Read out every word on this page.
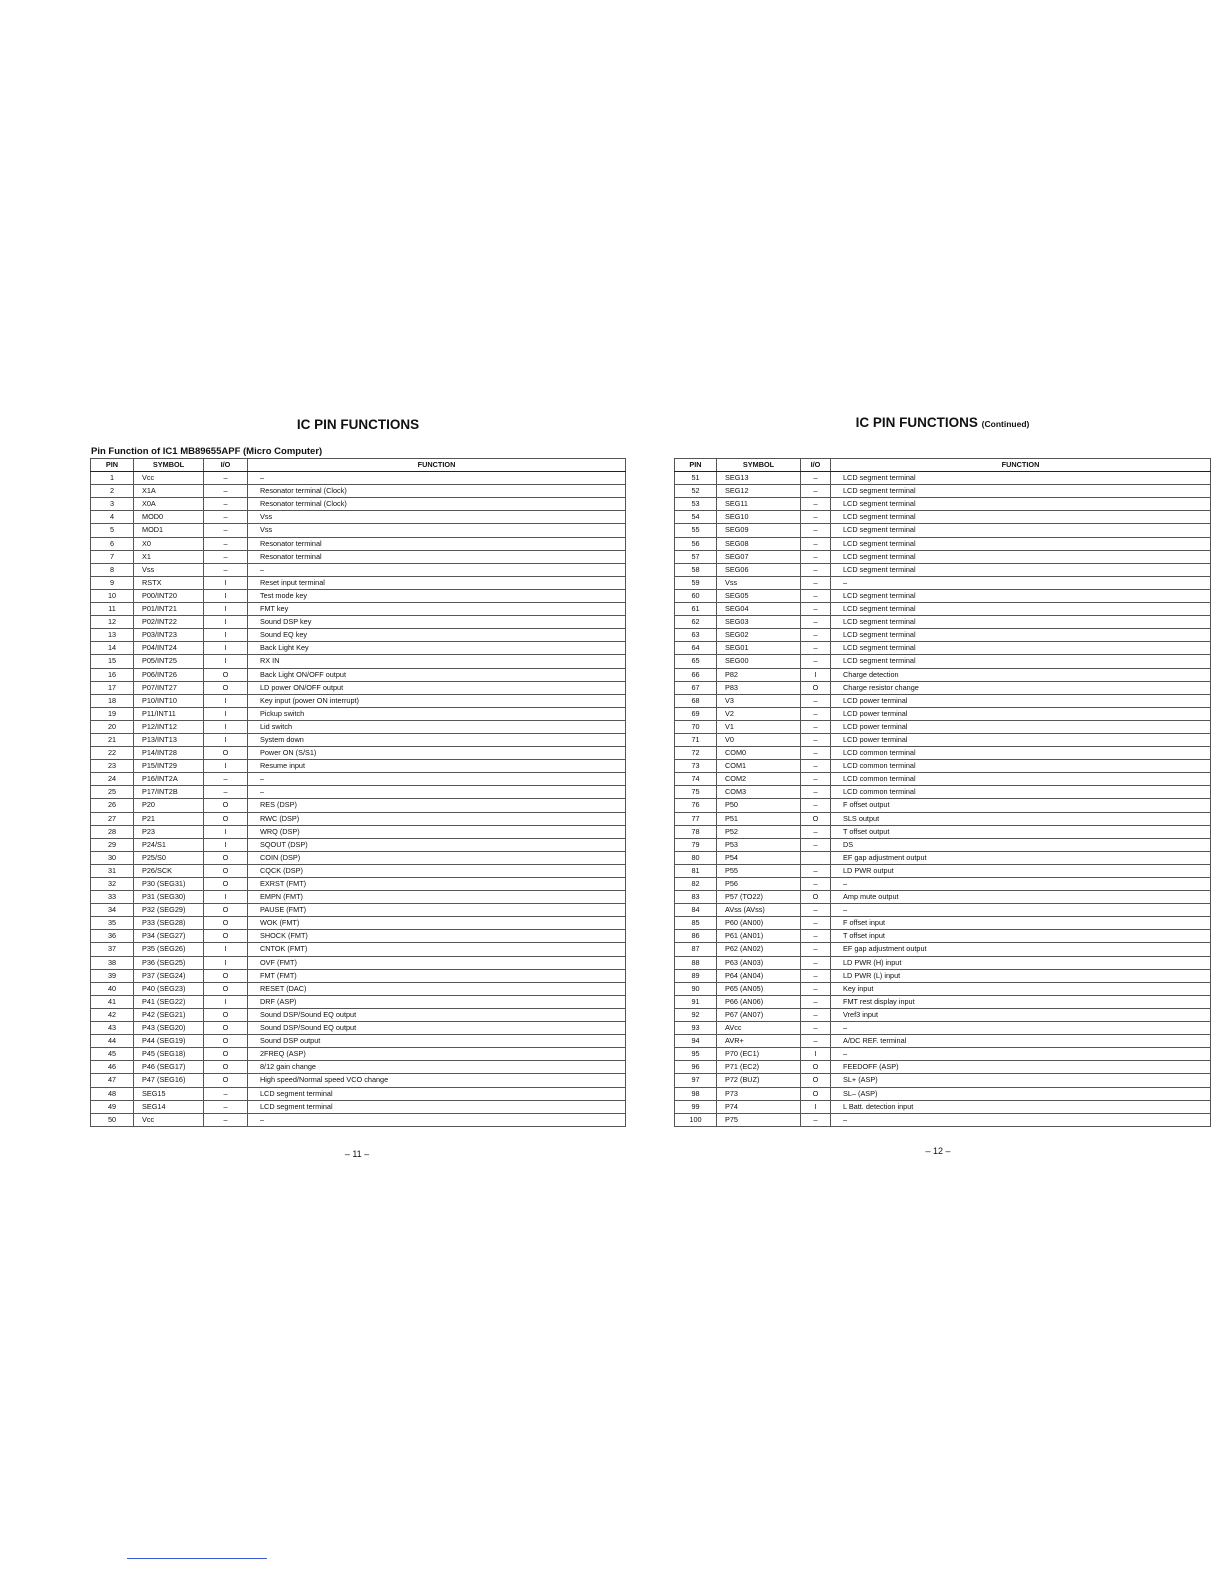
IC PIN FUNCTIONS
Pin Function of IC1 MB89655APF (Micro Computer)
PIN	SYMBOL	I/O	FUNCTION
1	Vcc	–	–
2	X1A	–	Resonator terminal (Clock)
3	X0A	–	Resonator terminal (Clock)
4	MOD0	–	Vss
5	MOD1	–	Vss
6	X0	–	Resonator terminal
7	X1	–	Resonator terminal
8	Vss	–	–
9	RSTX	I	Reset input terminal
10	P00/INT20	I	Test mode key
11	P01/INT21	I	FMT key
12	P02/INT22	I	Sound DSP key
13	P03/INT23	I	Sound EQ key
14	P04/INT24	I	Back Light Key
15	P05/INT25	I	RX IN
16	P06/INT26	O	Back Light ON/OFF output
17	P07/INT27	O	LD power ON/OFF output
18	P10/INT10	I	Key input (power ON interrupt)
19	P11/INT11	I	Pickup switch
20	P12/INT12	I	Lid switch
21	P13/INT13	I	System down
22	P14/INT28	O	Power ON (S/S1)
23	P15/INT29	I	Resume input
24	P16/INT2A	–	–
25	P17/INT2B	–	–
26	P20	O	RES (DSP)
27	P21	O	RWC (DSP)
28	P23	I	WRQ (DSP)
29	P24/S1	I	SQOUT (DSP)
30	P25/S0	O	COIN (DSP)
31	P26/SCK	O	CQCK (DSP)
32	P30 (SEG31)	O	EXRST (FMT)
33	P31 (SEG30)	I	EMPN (FMT)
34	P32 (SEG29)	O	PAUSE (FMT)
35	P33 (SEG28)	O	WOK (FMT)
36	P34 (SEG27)	O	SHOCK (FMT)
37	P35 (SEG26)	I	CNTOK (FMT)
38	P36 (SEG25)	I	OVF (FMT)
39	P37 (SEG24)	O	FMT (FMT)
40	P40 (SEG23)	O	RESET (DAC)
41	P41 (SEG22)	I	DRF (ASP)
42	P42 (SEG21)	O	Sound DSP/Sound EQ output
43	P43 (SEG20)	O	Sound DSP/Sound EQ output
44	P44 (SEG19)	O	Sound DSP output
45	P45 (SEG18)	O	2FREQ (ASP)
46	P46 (SEG17)	O	8/12 gain change
47	P47 (SEG16)	O	High speed/Normal speed VCO change
48	SEG15	–	LCD segment terminal
49	SEG14	–	LCD segment terminal
50	Vcc	–	–
IC PIN FUNCTIONS (Continued)
PIN	SYMBOL	I/O	FUNCTION
51	SEG13	–	LCD segment terminal
52	SEG12	–	LCD segment terminal
53	SEG11	–	LCD segment terminal
54	SEG10	–	LCD segment terminal
55	SEG09	–	LCD segment terminal
56	SEG08	–	LCD segment terminal
57	SEG07	–	LCD segment terminal
58	SEG06	–	LCD segment terminal
59	Vss	–	–
60	SEG05	–	LCD segment terminal
61	SEG04	–	LCD segment terminal
62	SEG03	–	LCD segment terminal
63	SEG02	–	LCD segment terminal
64	SEG01	–	LCD segment terminal
65	SEG00	–	LCD segment terminal
66	P82	I	Charge detection
67	P83	O	Charge resistor change
68	V3	–	LCD power terminal
69	V2	–	LCD power terminal
70	V1	–	LCD power terminal
71	V0	–	LCD power terminal
72	COM0	–	LCD common terminal
73	COM1	–	LCD common terminal
74	COM2	–	LCD common terminal
75	COM3	–	LCD common terminal
76	P50	–	F offset output
77	P51	O	SLS output
78	P52	–	T offset output
79	P53	–	DS
80	P54		EF gap adjustment output
81	P55	–	LD PWR output
82	P56	–	–
83	P57 (TO22)	O	Amp mute output
84	AVss (AVss)	–	–
85	P60 (AN00)	–	F offset input
86	P61 (AN01)	–	T offset input
87	P62 (AN02)	–	EF gap adjustment output
88	P63 (AN03)	–	LD PWR (H) input
89	P64 (AN04)	–	LD PWR (L) input
90	P65 (AN05)	–	Key input
91	P66 (AN06)	–	FMT rest display input
92	P67 (AN07)	–	Vref3 input
93	AVcc	–	–
94	AVR+	–	A/DC REF. terminal
95	P70 (EC1)	I	–
96	P71 (EC2)	O	FEEDOFF (ASP)
97	P72 (BUZ)	O	SL+ (ASP)
98	P73	O	SL– (ASP)
99	P74	I	L Batt. detection input
100	P75	–	–
– 11 –	– 12 –
